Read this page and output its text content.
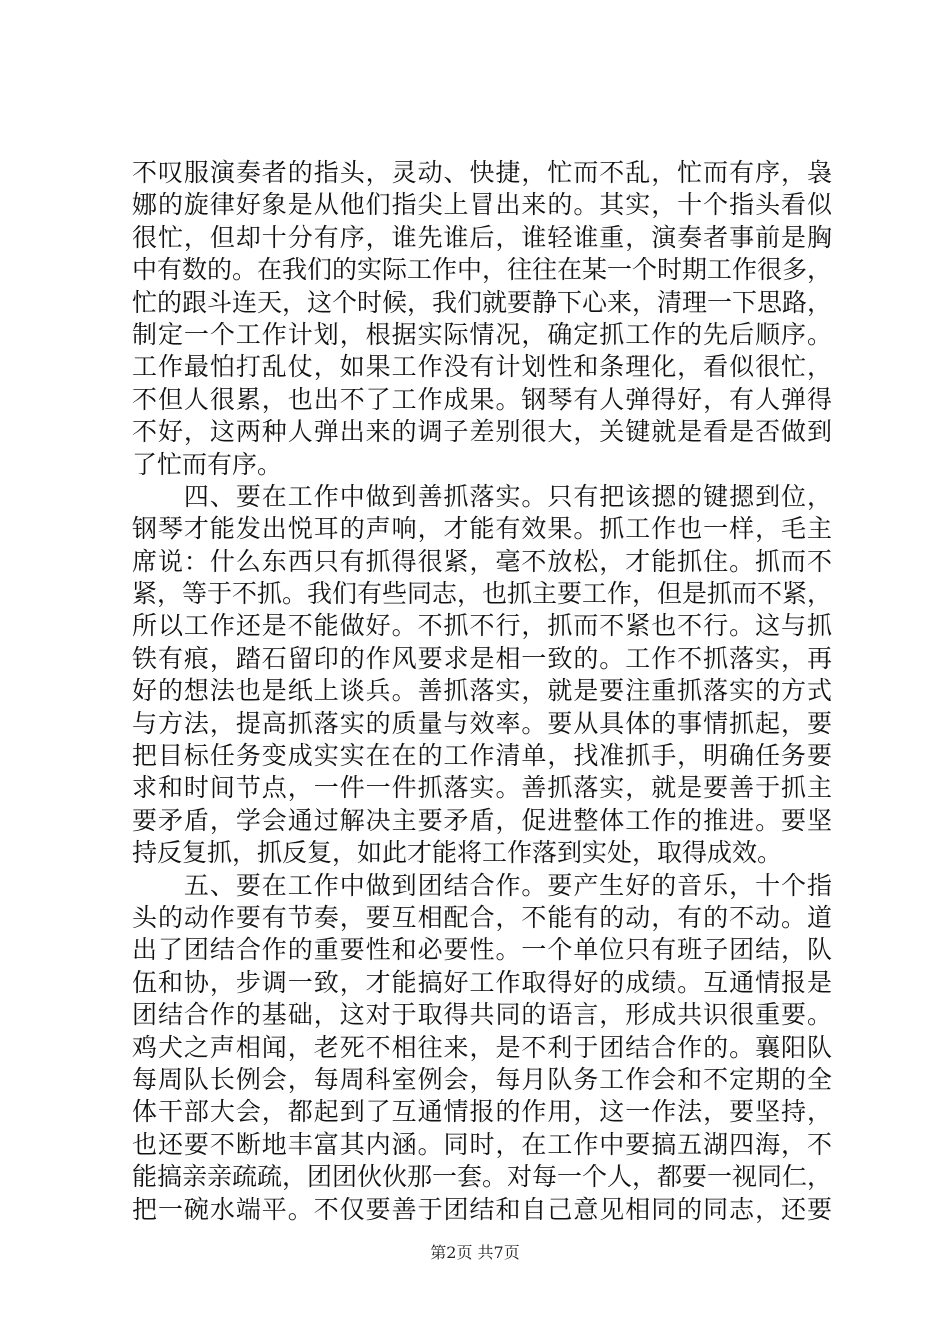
不叹服演奏者的指头，灵动、快捷，忙而不乱，忙而有序，袅
娜的旋律好象是从他们指尖上冒出来的。其实，十个指头看似
很忙，但却十分有序，谁先谁后，谁轻谁重，演奏者事前是胸
中有数的。在我们的实际工作中，往往在某一个时期工作很多，
忙的跟斗连天，这个时候，我们就要静下心来，清理一下思路，
制定一个工作计划，根据实际情况，确定抓工作的先后顺序。
工作最怕打乱仗，如果工作没有计划性和条理化，看似很忙，
不但人很累，也出不了工作成果。钢琴有人弹得好，有人弹得
不好，这两种人弹出来的调子差别很大，关键就是看是否做到
了忙而有序。
　　四、要在工作中做到善抓落实。只有把该摁的键摁到位，
钢琴才能发出悦耳的声响，才能有效果。抓工作也一样，毛主
席说：什么东西只有抓得很紧，毫不放松，才能抓住。抓而不
紧，等于不抓。我们有些同志，也抓主要工作，但是抓而不紧，
所以工作还是不能做好。不抓不行，抓而不紧也不行。这与抓
铁有痕，踏石留印的作风要求是相一致的。工作不抓落实，再
好的想法也是纸上谈兵。善抓落实，就是要注重抓落实的方式
与方法，提高抓落实的质量与效率。要从具体的事情抓起，要
把目标任务变成实实在在的工作清单，找准抓手，明确任务要
求和时间节点，一件一件抓落实。善抓落实，就是要善于抓主
要矛盾，学会通过解决主要矛盾，促进整体工作的推进。要坚
持反复抓，抓反复，如此才能将工作落到实处，取得成效。
　　五、要在工作中做到团结合作。要产生好的音乐，十个指
头的动作要有节奏，要互相配合，不能有的动，有的不动。道
出了团结合作的重要性和必要性。一个单位只有班子团结，队
伍和协，步调一致，才能搞好工作取得好的成绩。互通情报是
团结合作的基础，这对于取得共同的语言，形成共识很重要。
鸡犬之声相闻，老死不相往来，是不利于团结合作的。襄阳队
每周队长例会，每周科室例会，每月队务工作会和不定期的全
体干部大会，都起到了互通情报的作用，这一作法，要坚持，
也还要不断地丰富其内涵。同时，在工作中要搞五湖四海，不
能搞亲亲疏疏，团团伙伙那一套。对每一个人，都要一视同仁，
把一碗水端平。不仅要善于团结和自己意见相同的同志，还要
第2页 共7页
